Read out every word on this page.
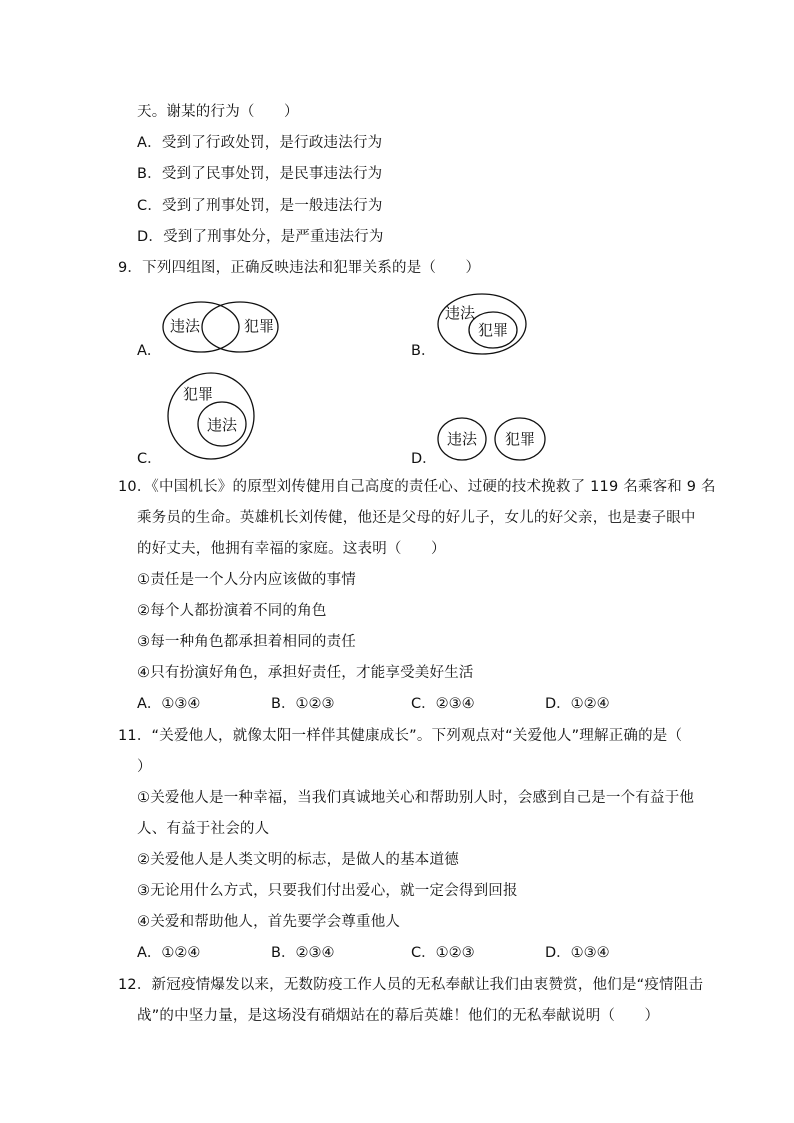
天。谢某的行为（　　）
A．受到了行政处罚，是行政违法行为
B．受到了民事处罚，是民事违法行为
C．受到了刑事处罚，是一般违法行为
D．受到了刑事处分，是严重违法行为
9．下列四组图，正确反映违法和犯罪关系的是（　　）
违法	犯罪
A．
违法
犯罪
B．
犯罪
违法
C．
违法 犯罪
D．
10．《中国机长》的原型刘传健用自己高度的责任心、过硬的技术挽救了 119 名乘客和 9 名
乘务员的生命。英雄机长刘传健，他还是父母的好儿子，女儿的好父亲，也是妻子眼中
的好丈夫，他拥有幸福的家庭。这表明（　　）
①责任是一个人分内应该做的事情
②每个人都扮演着不同的角色
③每一种角色都承担着相同的责任
④只有扮演好角色，承担好责任，才能享受美好生活
A．①③④	B．①②③	C．②③④	D．①②④
11．“关爱他人，就像太阳一样伴其健康成长”。下列观点对“关爱他人”理解正确的是（
）
①关爱他人是一种幸福，当我们真诚地关心和帮助别人时，会感到自己是一个有益于他
人、有益于社会的人
②关爱他人是人类文明的标志，是做人的基本道德
③无论用什么方式，只要我们付出爱心，就一定会得到回报
④关爱和帮助他人，首先要学会尊重他人
A．①②④	B．②③④	C．①②③	D．①③④
12．新冠疫情爆发以来，无数防疫工作人员的无私奉献让我们由衷赞赏，他们是“疫情阻击
战”的中坚力量，是这场没有硝烟站在的幕后英雄！他们的无私奉献说明（　　）
